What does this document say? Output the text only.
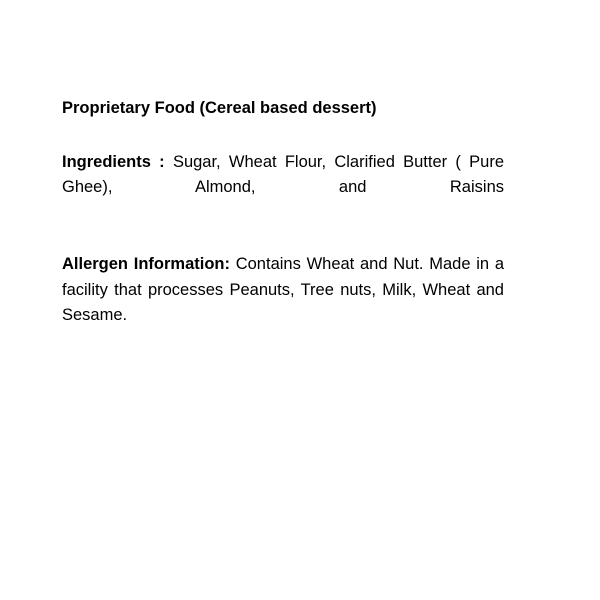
Proprietary Food (Cereal based dessert)

Ingredients : Sugar, Wheat Flour, Clarified Butter ( Pure Ghee), Almond, and Raisins

Allergen Information: Contains Wheat and Nut. Made in a facility that processes Peanuts, Tree nuts, Milk, Wheat and Sesame.
